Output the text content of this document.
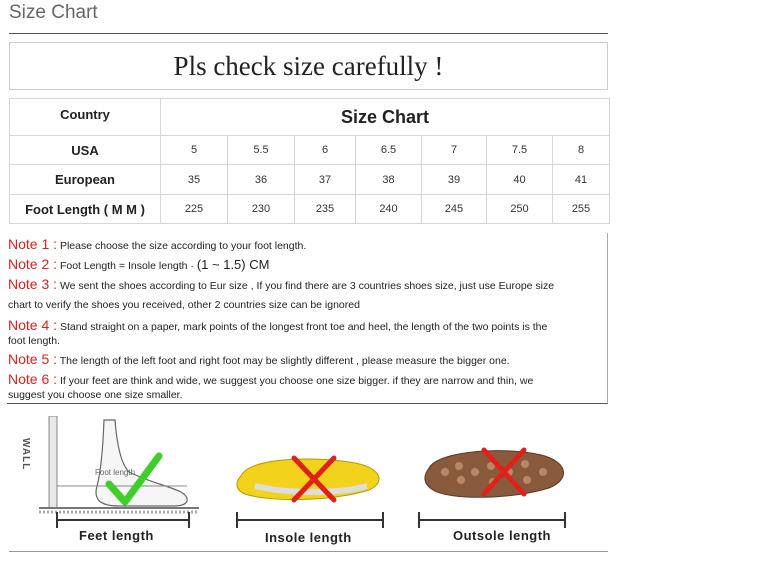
Size Chart
Pls check size carefully !
Country	Size Chart						
USA	5	5.5	6	6.5	7	7.5	8
European	35	36	37	38	39	40	41
Foot Length ( M M )	225	230	235	240	245	250	255
Note 1 : Please choose the size according to your foot length.
Note 2 : Foot Length = Insole length · (1 ~ 1.5) CM
Note 3 : We sent the shoes according to Eur size , If you find there are 3 countries shoes size, just use Europe size
chart to verify the shoes you received, other 2 countries size can be ignored
Note 4 : Stand straight on a paper, mark points of the longest front toe and heel, the length of the two points is the
foot length.
Note 5 : The length of the left foot and right foot may be slightly different , please measure the bigger one.
Note 6 : If your feet are think and wide, we suggest you choose one size bigger. if they are narrow and thin, we
suggest you choose one size smaller.
WALL
Foot length
Feet length	Insole length	Outsole length
